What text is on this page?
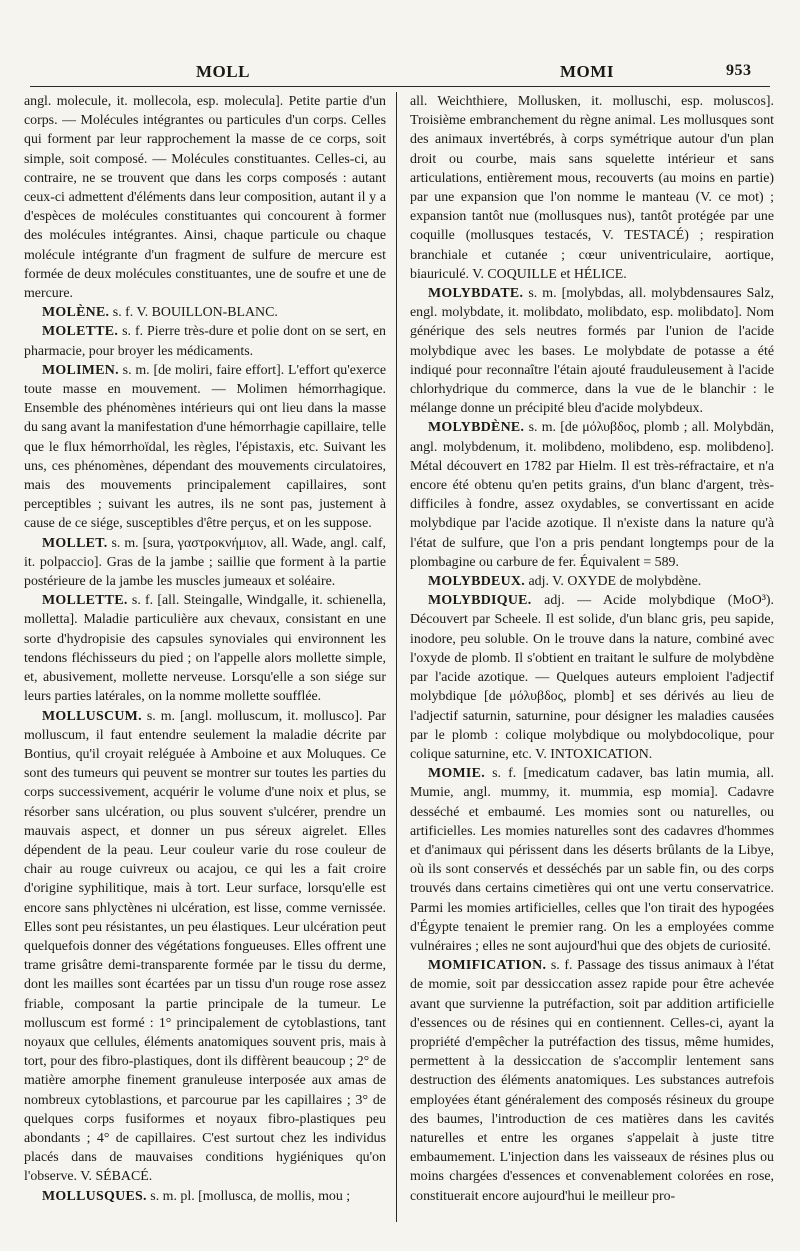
MOLL	MOMI	953

angl. molecule, it. mollecola, esp. molecula]. Petite partie d'un corps. — Molécules intégrantes ou particules d'un corps. Celles qui forment par leur rapprochement la masse de ce corps, soit simple, soit composé. — Molécules constituantes. Celles-ci, au contraire, ne se trouvent que dans les corps composés : autant ceux-ci admettent d'éléments dans leur composition, autant il y a d'espèces de molécules constituantes qui concourent à former des molécules intégrantes. Ainsi, chaque particule ou chaque molécule intégrante d'un fragment de sulfure de mercure est formée de deux molécules constituantes, une de soufre et une de mercure.

MOLÈNE. s. f. V. BOUILLON-BLANC.

MOLETTE. s. f. Pierre très-dure et polie dont on se sert, en pharmacie, pour broyer les médicaments.

MOLIMEN. s. m. [de moliri, faire effort]. L'effort qu'exerce toute masse en mouvement. — Molimen hémorrhagique. Ensemble des phénomènes intérieurs qui ont lieu dans la masse du sang avant la manifestation d'une hémorrhagie capillaire, telle que le flux hémorrhoïdal, les règles, l'épistaxis, etc. Suivant les uns, ces phénomènes, dépendant des mouvements circulatoires, mais des mouvements principalement capillaires, sont perceptibles ; suivant les autres, ils ne sont pas, justement à cause de ce siége, susceptibles d'être perçus, et on les suppose.

MOLLET. s. m. [sura, γαστροκνήμιον, all. Wade, angl. calf, it. polpaccio]. Gras de la jambe ; saillie que forment à la partie postérieure de la jambe les muscles jumeaux et soléaire.

MOLLETTE. s. f. [all. Steingalle, Windgalle, it. schienella, molletta]. Maladie particulière aux chevaux, consistant en une sorte d'hydropisie des capsules synoviales qui environnent les tendons fléchisseurs du pied ; on l'appelle alors mollette simple, et, abusivement, mollette nerveuse. Lorsqu'elle a son siége sur leurs parties latérales, on la nomme mollette soufflée.

MOLLUSCUM. s. m. [angl. molluscum, it. mollusco]. Par molluscum, il faut entendre seulement la maladie décrite par Bontius, qu'il croyait reléguée à Amboine et aux Moluques. Ce sont des tumeurs qui peuvent se montrer sur toutes les parties du corps successivement, acquérir le volume d'une noix et plus, se résorber sans ulcération, ou plus souvent s'ulcérer, prendre un mauvais aspect, et donner un pus séreux aigrelet. Elles dépendent de la peau. Leur couleur varie du rose couleur de chair au rouge cuivreux ou acajou, ce qui les a fait croire d'origine syphilitique, mais à tort. Leur surface, lorsqu'elle est encore sans phlyctènes ni ulcération, est lisse, comme vernissée. Elles sont peu résistantes, un peu élastiques. Leur ulcération peut quelquefois donner des végétations fongueuses. Elles offrent une trame grisâtre demi-transparente formée par le tissu du derme, dont les mailles sont écartées par un tissu d'un rouge rose assez friable, composant la partie principale de la tumeur. Le molluscum est formé : 1° principalement de cytoblastions, tant noyaux que cellules, éléments anatomiques souvent pris, mais à tort, pour des fibro-plastiques, dont ils diffèrent beaucoup ; 2° de matière amorphe finement granuleuse interposée aux amas de nombreux cytoblastions, et parcourue par les capillaires ; 3° de quelques corps fusiformes et noyaux fibro-plastiques peu abondants ; 4° de capillaires. C'est surtout chez les individus placés dans de mauvaises conditions hygiéniques qu'on l'observe. V. SÉBACÉ.

MOLLUSQUES. s. m. pl. [mollusca, de mollis, mou ;

all. Weichthiere, Mollusken, it. molluschi, esp. moluscos]. Troisième embranchement du règne animal. Les mollusques sont des animaux invertébrés, à corps symétrique autour d'un plan droit ou courbe, mais sans squelette intérieur et sans articulations, entièrement mous, recouverts (au moins en partie) par une expansion que l'on nomme le manteau (V. ce mot) ; expansion tantôt nue (mollusques nus), tantôt protégée par une coquille (mollusques testacés, V. TESTACÉ) ; respiration branchiale et cutanée ; cœur univentriculaire, aortique, biauriculé. V. COQUILLE et HÉLICE.

MOLYBDATE. s. m. [molybdas, all. molybdensaures Salz, engl. molybdate, it. molibdato, molibdato, esp. molibdato]. Nom générique des sels neutres formés par l'union de l'acide molybdique avec les bases. Le molybdate de potasse a été indiqué pour reconnaître l'étain ajouté frauduleusement à l'acide chlorhydrique du commerce, dans la vue de le blanchir : le mélange donne un précipité bleu d'acide molybdeux.

MOLYBDÈNE. s. m. [de μόλυβδος, plomb ; all. Molybdän, angl. molybdenum, it. molibdeno, molibdeno, esp. molibdeno]. Métal découvert en 1782 par Hielm. Il est très-réfractaire, et n'a encore été obtenu qu'en petits grains, d'un blanc d'argent, très-difficiles à fondre, assez oxydables, se convertissant en acide molybdique par l'acide azotique. Il n'existe dans la nature qu'à l'état de sulfure, que l'on a pris pendant longtemps pour de la plombagine ou carbure de fer. Équivalent = 589.

MOLYBDEUX. adj. V. OXYDE de molybdène.

MOLYBDIQUE. adj. — Acide molybdique (MoO³). Découvert par Scheele. Il est solide, d'un blanc gris, peu sapide, inodore, peu soluble. On le trouve dans la nature, combiné avec l'oxyde de plomb. Il s'obtient en traitant le sulfure de molybdène par l'acide azotique. — Quelques auteurs emploient l'adjectif molybdique [de μόλυβδος, plomb] et ses dérivés au lieu de l'adjectif saturnin, saturnine, pour désigner les maladies causées par le plomb : colique molybdique ou molybdocolique, pour colique saturnine, etc. V. INTOXICATION.

MOMIE. s. f. [medicatum cadaver, bas latin mumia, all. Mumie, angl. mummy, it. mummia, esp momia]. Cadavre desséché et embaumé. Les momies sont ou naturelles, ou artificielles. Les momies naturelles sont des cadavres d'hommes et d'animaux qui périssent dans les déserts brûlants de la Libye, où ils sont conservés et desséchés par un sable fin, ou des corps trouvés dans certains cimetières qui ont une vertu conservatrice. Parmi les momies artificielles, celles que l'on tirait des hypogées d'Égypte tenaient le premier rang. On les a employées comme vulnéraires ; elles ne sont aujourd'hui que des objets de curiosité.

MOMIFICATION. s. f. Passage des tissus animaux à l'état de momie, soit par dessiccation assez rapide pour être achevée avant que survienne la putréfaction, soit par addition artificielle d'essences ou de résines qui en contiennent. Celles-ci, ayant la propriété d'empêcher la putréfaction des tissus, même humides, permettent à la dessiccation de s'accomplir lentement sans destruction des éléments anatomiques. Les substances autrefois employées étant généralement des composés résineux du groupe des baumes, l'introduction de ces matières dans les cavités naturelles et entre les organes s'appelait à juste titre embaumement. L'injection dans les vaisseaux de résines plus ou moins chargées d'essences et convenablement colorées en rose, constituerait encore aujourd'hui le meilleur pro-
